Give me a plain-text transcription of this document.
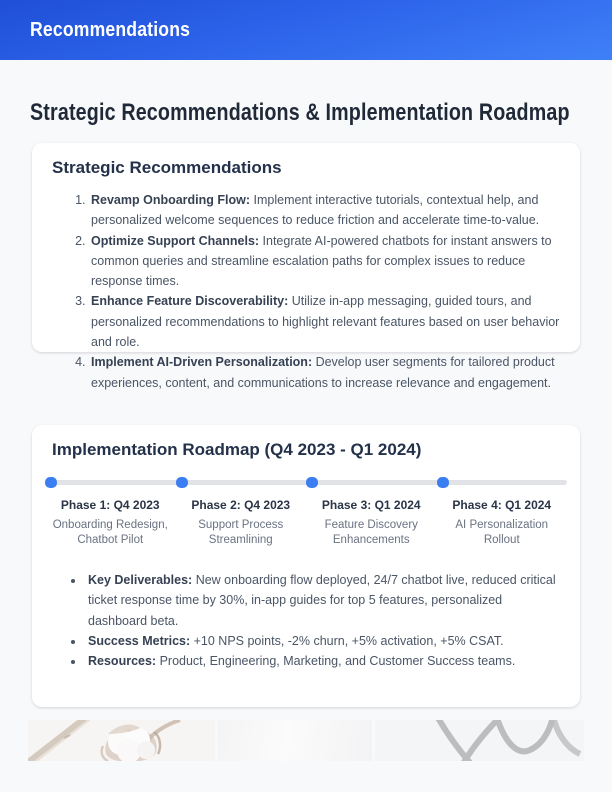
Recommendations
Strategic Recommendations & Implementation Roadmap
Strategic Recommendations
1. Revamp Onboarding Flow: Implement interactive tutorials, contextual help, and personalized welcome sequences to reduce friction and accelerate time-to-value.
2. Optimize Support Channels: Integrate AI-powered chatbots for instant answers to common queries and streamline escalation paths for complex issues to reduce response times.
3. Enhance Feature Discoverability: Utilize in-app messaging, guided tours, and personalized recommendations to highlight relevant features based on user behavior and role.
4. Implement AI-Driven Personalization: Develop user segments for tailored product experiences, content, and communications to increase relevance and engagement.
Implementation Roadmap (Q4 2023 - Q1 2024)
Phase 1: Q4 2023
Onboarding Redesign, Chatbot Pilot
Phase 2: Q4 2023
Support Process Streamlining
Phase 3: Q1 2024
Feature Discovery Enhancements
Phase 4: Q1 2024
AI Personalization Rollout
• Key Deliverables: New onboarding flow deployed, 24/7 chatbot live, reduced critical ticket response time by 30%, in-app guides for top 5 features, personalized dashboard beta.
• Success Metrics: +10 NPS points, -2% churn, +5% activation, +5% CSAT.
• Resources: Product, Engineering, Marketing, and Customer Success teams.
